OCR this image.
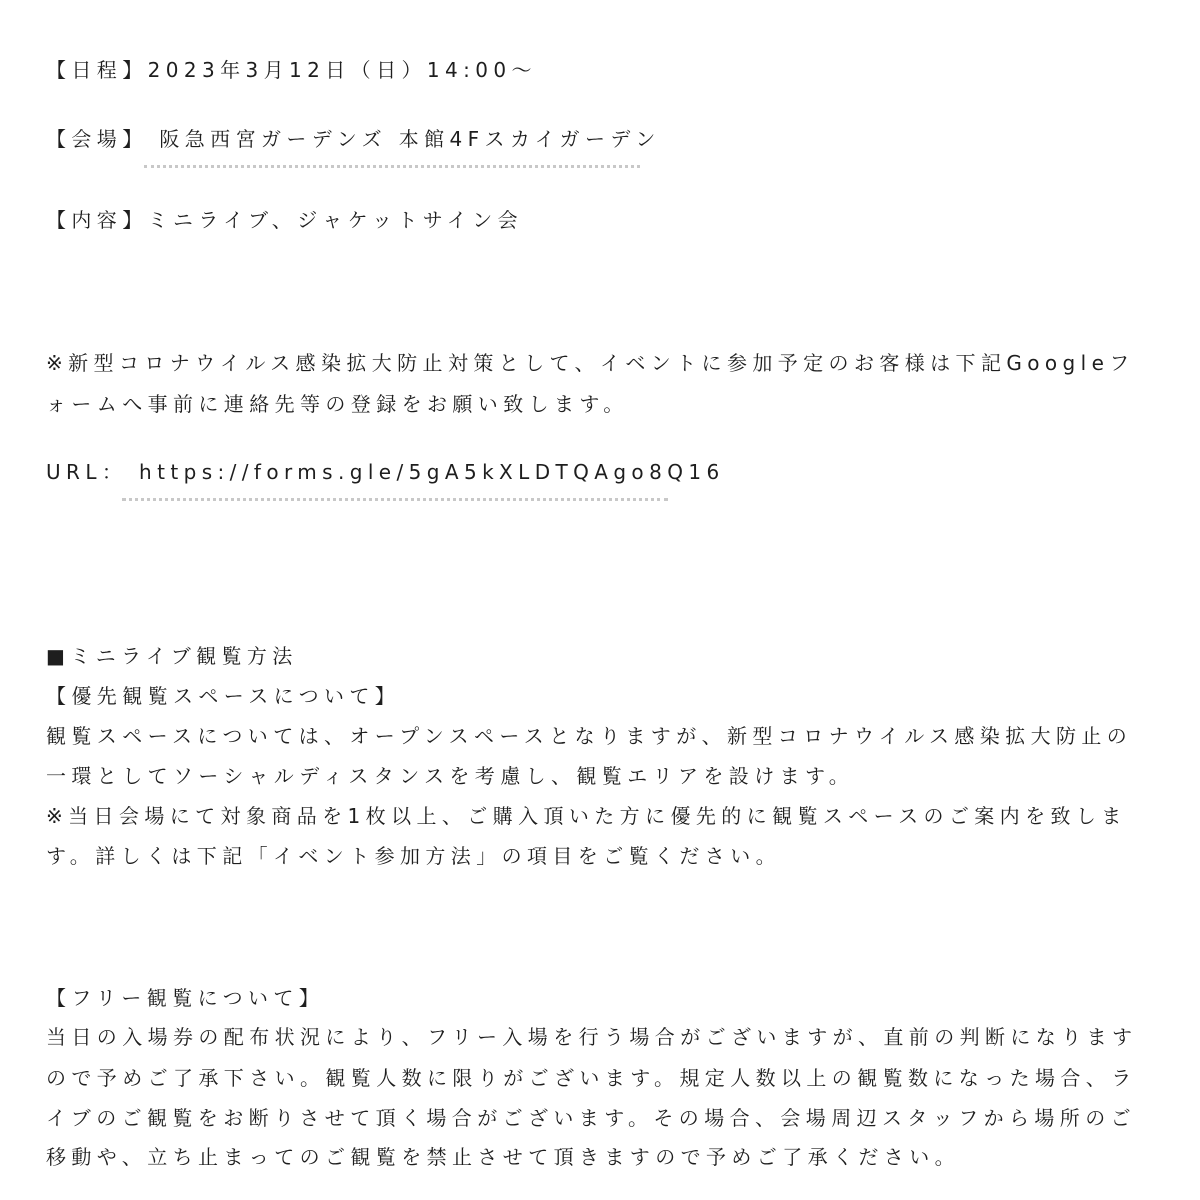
【日程】2023年3月12日（日）14:00〜
【会場】 阪急西宮ガーデンズ 本館4Fスカイガーデン
【内容】ミニライブ、ジャケットサイン会
※新型コロナウイルス感染拡大防止対策として、イベントに参加予定のお客様は下記Googleフ
ォームへ事前に連絡先等の登録をお願い致します。
URL： https://forms.gle/5gA5kXLDTQAgo8Q16
■ミニライブ観覧方法
【優先観覧スペースについて】
観覧スペースについては、オープンスペースとなりますが、新型コロナウイルス感染拡大防止の
一環としてソーシャルディスタンスを考慮し、観覧エリアを設けます。
※当日会場にて対象商品を1枚以上、ご購入頂いた方に優先的に観覧スペースのご案内を致しま
す。詳しくは下記「イベント参加方法」の項目をご覧ください。
【フリー観覧について】
当日の入場券の配布状況により、フリー入場を行う場合がございますが、直前の判断になります
ので予めご了承下さい。観覧人数に限りがございます。規定人数以上の観覧数になった場合、ラ
イブのご観覧をお断りさせて頂く場合がございます。その場合、会場周辺スタッフから場所のご
移動や、立ち止まってのご観覧を禁止させて頂きますので予めご了承ください。
